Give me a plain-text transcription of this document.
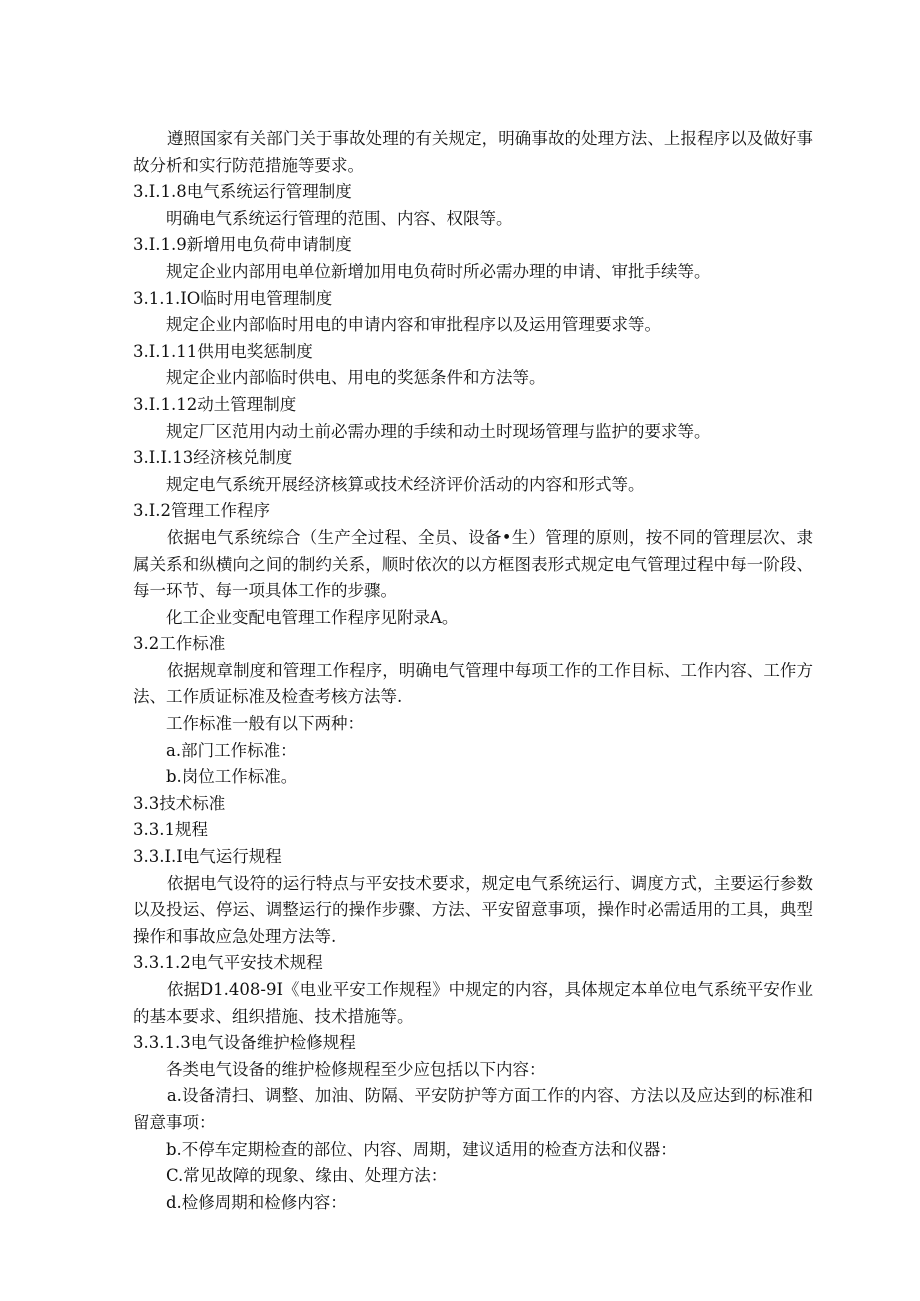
遵照国家有关部门关于事故处理的有关规定，明确事故的处理方法、上报程序以及做好事故分析和实行防范措施等要求。
3.I.1.8电气系统运行管理制度
明确电气系统运行管理的范围、内容、权限等。
3.I.1.9新增用电负荷申请制度
规定企业内部用电单位新增加用电负荷时所必需办理的申请、审批手续等。
3.1.1.IO临时用电管理制度
规定企业内部临时用电的申请内容和审批程序以及运用管理要求等。
3.I.1.11供用电奖惩制度
规定企业内部临时供电、用电的奖惩条件和方法等。
3.I.1.12动土管理制度
规定厂区范用内动土前必需办理的手续和动土时现场管理与监护的要求等。
3.I.I.13经济核兑制度
规定电气系统开展经济核算或技术经济评价活动的内容和形式等。
3.I.2管理工作程序
依据电气系统综合（生产全过程、全员、设备•生）管理的原则，按不同的管理层次、隶属关系和纵横向之间的制约关系，顺时依次的以方框图表形式规定电气管理过程中每一阶段、每一环节、每一项具体工作的步骤。
化工企业变配电管理工作程序见附录A。
3.2工作标准
依据规章制度和管理工作程序，明确电气管理中每项工作的工作目标、工作内容、工作方法、工作质证标准及检查考核方法等.
工作标准一般有以下两种：
a.部门工作标准：
b.岗位工作标准。
3.3技术标准
3.3.1规程
3.3.I.I电气运行规程
依据电气设符的运行特点与平安技术要求，规定电气系统运行、调度方式，主要运行参数以及投运、停运、调整运行的操作步骤、方法、平安留意事项，操作时必需适用的工具，典型操作和事故应急处理方法等.
3.3.1.2电气平安技术规程
依据D1.408-9I《电业平安工作规程》中规定的内容，具体规定本单位电气系统平安作业的基本要求、组织措施、技术措施等。
3.3.1.3电气设备维护检修规程
各类电气设备的维护检修规程至少应包括以下内容：
a.设备清扫、调整、加油、防隔、平安防护等方面工作的内容、方法以及应达到的标准和留意事项：
b.不停车定期检查的部位、内容、周期，建议适用的检查方法和仪器：
C.常见故障的现象、缘由、处理方法：
d.检修周期和检修内容：
